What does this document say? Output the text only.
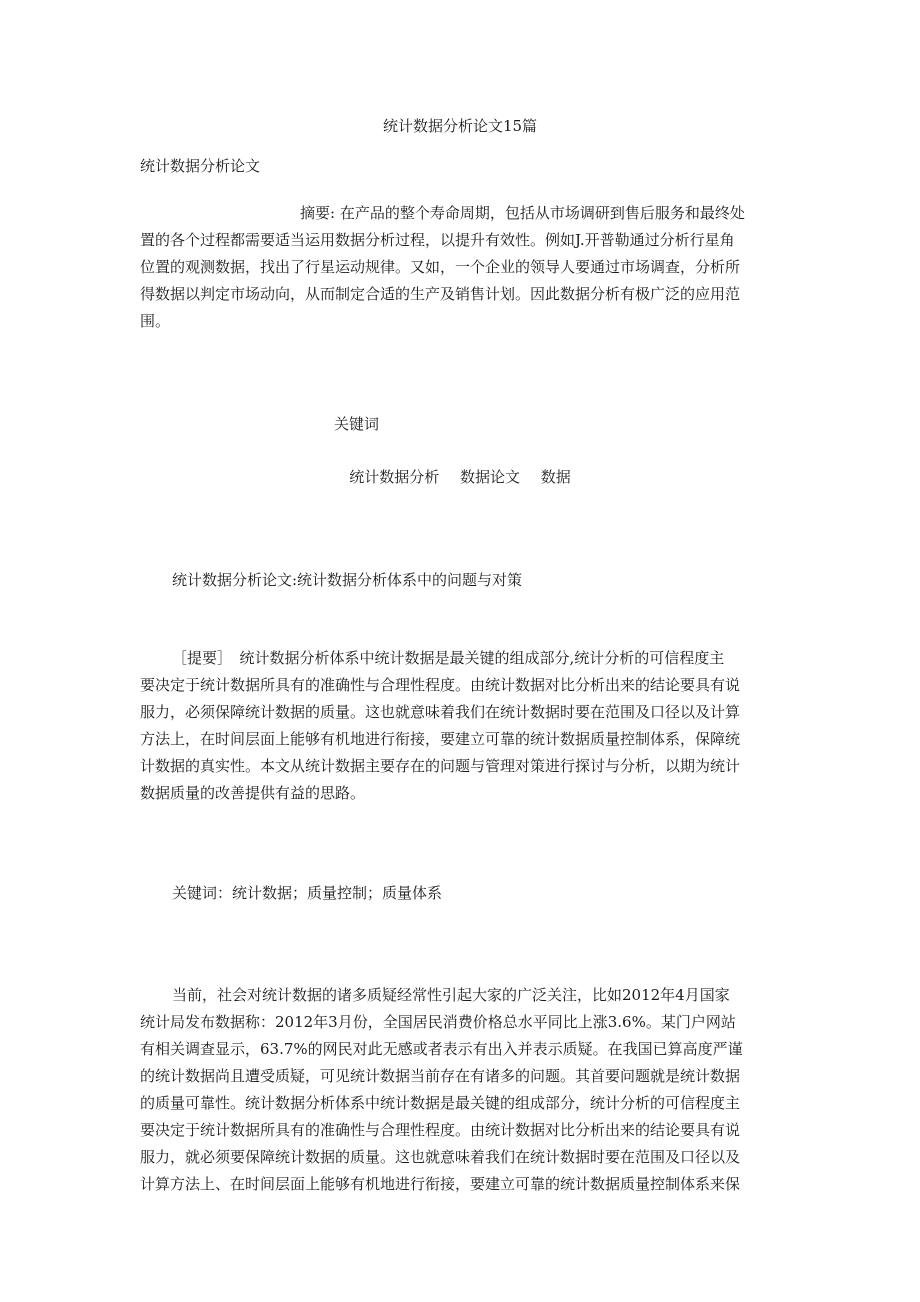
统计数据分析论文15篇
统计数据分析论文
摘要: 在产品的整个寿命周期，包括从市场调研到售后服务和最终处
置的各个过程都需要适当运用数据分析过程，以提升有效性。例如J.开普勒通过分析行星角
位置的观测数据，找出了行星运动规律。又如，一个企业的领导人要通过市场调查，分析所
得数据以判定市场动向，从而制定合适的生产及销售计划。因此数据分析有极广泛的应用范
围。
关键词
统计数据分析 数据论文 数据
统计数据分析论文:统计数据分析体系中的问题与对策
［提要］　统计数据分析体系中统计数据是最关键的组成部分,统计分析的可信程度主
要决定于统计数据所具有的准确性与合理性程度。由统计数据对比分析出来的结论要具有说
服力，必须保障统计数据的质量。这也就意味着我们在统计数据时要在范围及口径以及计算
方法上，在时间层面上能够有机地进行衔接，要建立可靠的统计数据质量控制体系，保障统
计数据的真实性。本文从统计数据主要存在的问题与管理对策进行探讨与分析，以期为统计
数据质量的改善提供有益的思路。
关键词：统计数据；质量控制；质量体系
当前，社会对统计数据的诸多质疑经常性引起大家的广泛关注，比如2012年4月国家
统计局发布数据称：2012年3月份，全国居民消费价格总水平同比上涨3.6%。某门户网站
有相关调查显示，63.7%的网民对此无感或者表示有出入并表示质疑。在我国已算高度严谨
的统计数据尚且遭受质疑，可见统计数据当前存在有诸多的问题。其首要问题就是统计数据
的质量可靠性。统计数据分析体系中统计数据是最关键的组成部分，统计分析的可信程度主
要决定于统计数据所具有的准确性与合理性程度。由统计数据对比分析出来的结论要具有说
服力，就必须要保障统计数据的质量。这也就意味着我们在统计数据时要在范围及口径以及
计算方法上、在时间层面上能够有机地进行衔接，要建立可靠的统计数据质量控制体系来保
